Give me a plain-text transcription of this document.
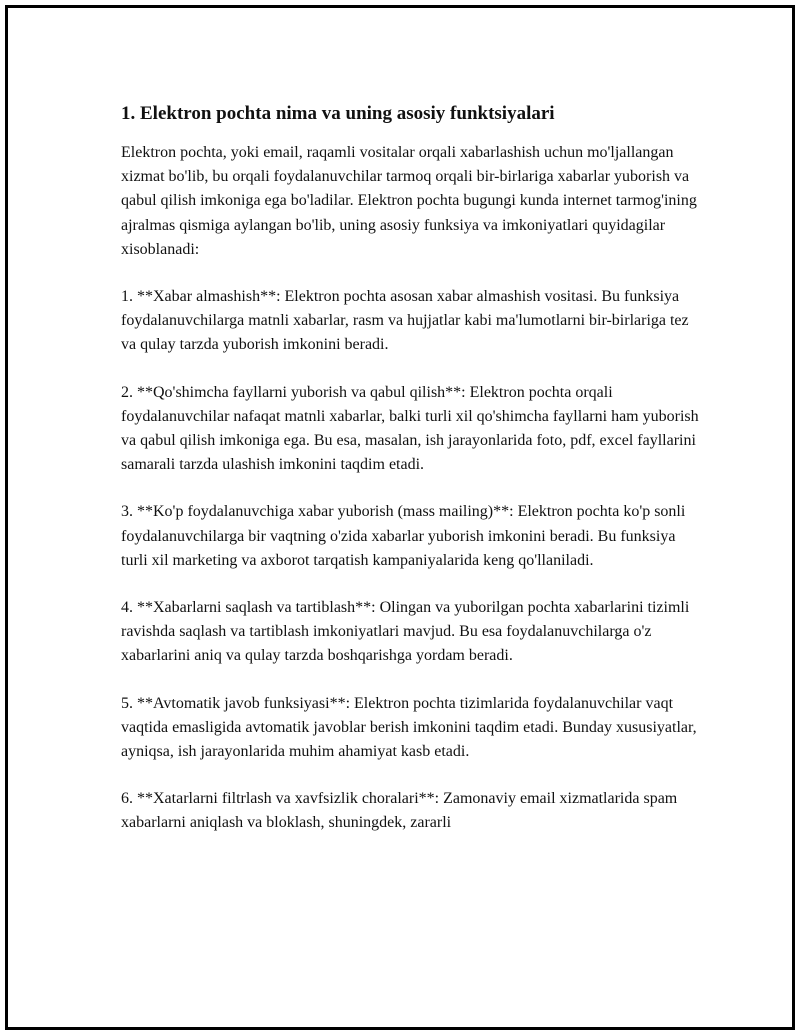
1. Elektron pochta nima va uning asosiy funktsiyalari

Elektron pochta, yoki email, raqamli vositalar orqali xabarlashish uchun mo'ljallangan xizmat bo'lib, bu orqali foydalanuvchilar tarmoq orqali bir-birlariga xabarlar yuborish va qabul qilish imkoniga ega bo'ladilar. Elektron pochta bugungi kunda internet tarmog'ining ajralmas qismiga aylangan bo'lib, uning asosiy funksiya va imkoniyatlari quyidagilar xisoblanadi:

1. **Xabar almashish**: Elektron pochta asosan xabar almashish vositasi. Bu funksiya foydalanuvchilarga matnli xabarlar, rasm va hujjatlar kabi ma'lumotlarni bir-birlariga tez va qulay tarzda yuborish imkonini beradi.

2. **Qo'shimcha fayllarni yuborish va qabul qilish**: Elektron pochta orqali foydalanuvchilar nafaqat matnli xabarlar, balki turli xil qo'shimcha fayllarni ham yuborish va qabul qilish imkoniga ega. Bu esa, masalan, ish jarayonlarida foto, pdf, excel fayllarini samarali tarzda ulashish imkonini taqdim etadi.

3. **Ko'p foydalanuvchiga xabar yuborish (mass mailing)**: Elektron pochta ko'p sonli foydalanuvchilarga bir vaqtning o'zida xabarlar yuborish imkonini beradi. Bu funksiya turli xil marketing va axborot tarqatish kampaniyalarida keng qo'llaniladi.

4. **Xabarlarni saqlash va tartiblash**: Olingan va yuborilgan pochta xabarlarini tizimli ravishda saqlash va tartiblash imkoniyatlari mavjud. Bu esa foydalanuvchilarga o'z xabarlarini aniq va qulay tarzda boshqarishga yordam beradi.

5. **Avtomatik javob funksiyasi**: Elektron pochta tizimlarida foydalanuvchilar vaqt vaqtida emasligida avtomatik javoblar berish imkonini taqdim etadi. Bunday xususiyatlar, ayniqsa, ish jarayonlarida muhim ahamiyat kasb etadi.

6. **Xatarlarni filtrlash va xavfsizlik choralari**: Zamonaviy email xizmatlarida spam xabarlarni aniqlash va bloklash, shuningdek, zararli
